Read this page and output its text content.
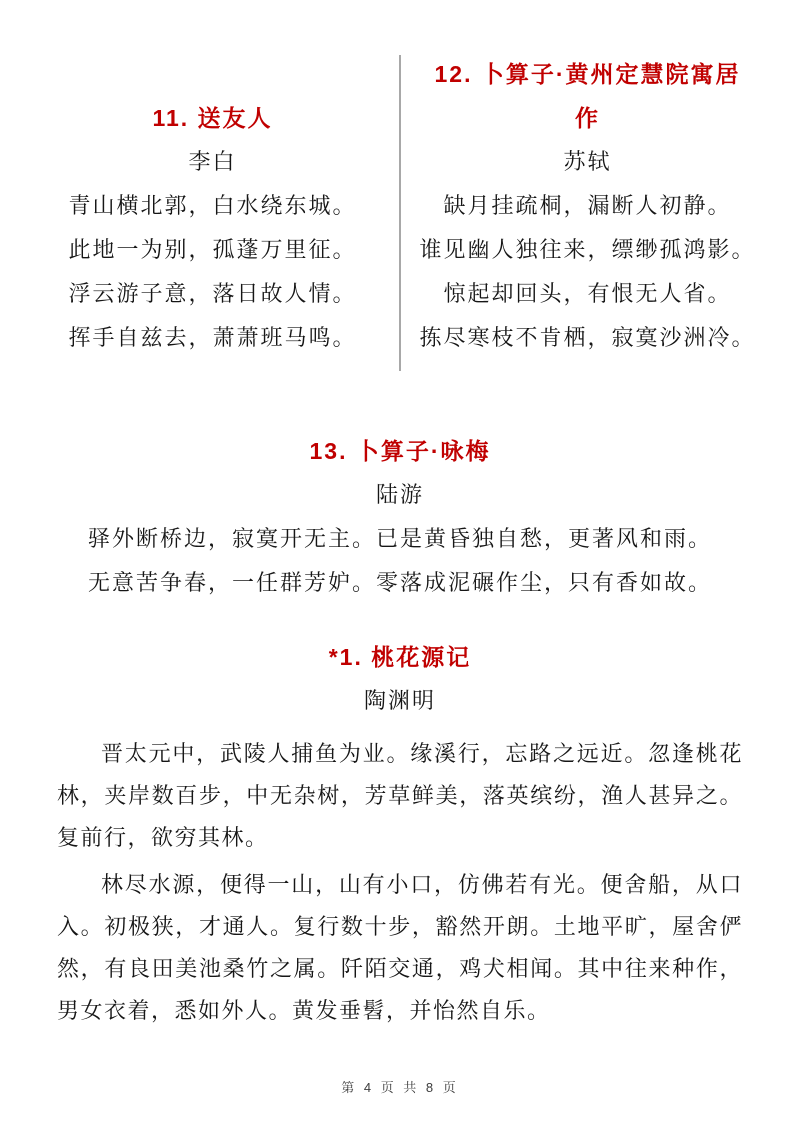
11. 送友人
李白
青山横北郭，白水绕东城。
此地一为别，孤蓬万里征。
浮云游子意，落日故人情。
挥手自兹去，萧萧班马鸣。
12. 卜算子·黄州定慧院寓居
作
苏轼
缺月挂疏桐，漏断人初静。
谁见幽人独往来，缥缈孤鸿影。
惊起却回头，有恨无人省。
拣尽寒枝不肯栖，寂寞沙洲冷。
13. 卜算子·咏梅
陆游
驿外断桥边，寂寞开无主。已是黄昏独自愁，更著风和雨。
无意苦争春，一任群芳妒。零落成泥碾作尘，只有香如故。
*1. 桃花源记
陶渊明

晋太元中，武陵人捕鱼为业。缘溪行，忘路之远近。忽逢桃花林，夹岸数百步，中无杂树，芳草鲜美，落英缤纷，渔人甚异之。复前行，欲穷其林。

林尽水源，便得一山，山有小口，仿佛若有光。便舍船，从口入。初极狭，才通人。复行数十步，豁然开朗。土地平旷，屋舍俨然，有良田美池桑竹之属。阡陌交通，鸡犬相闻。其中往来种作，男女衣着，悉如外人。黄发垂髫，并怡然自乐。

第 4 页 共 8 页
